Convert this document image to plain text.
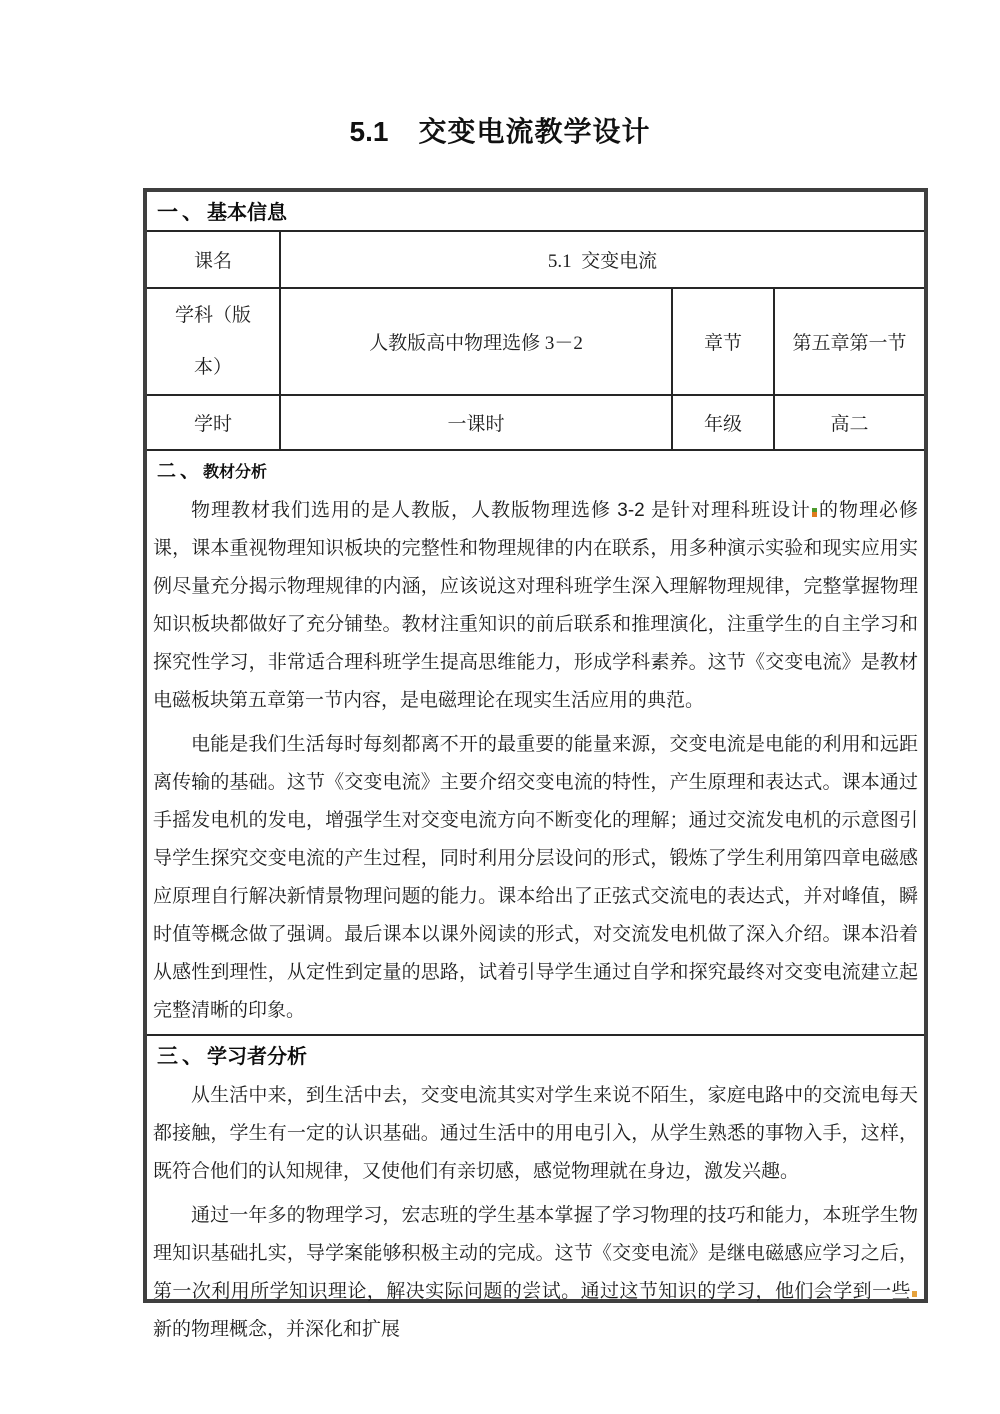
5.1 交变电流教学设计
一、基本信息			
课名	5.1  交变电流		

学科（版本）	人教版高中物理选修 3－2	章节	第五章第一节
学时	一课时	年级	高二

二、教材分析

物理教材我们选用的是人教版，人教版物理选修 3-2 是针对理科班设计 的物理必修课，课本重视物理知识板块的完整性和物理规律的内在联系，用多种演示实验和现实应用实例尽量充分揭示物理规律的内涵，应该说这对理科班学生深入理解物理规律，完整掌握物理知识板块都做好了充分铺垫。教材注重知识的前后联系和推理演化，注重学生的自主学习和探究性学习，非常适合理科班学生提高思维能力，形成学科素养。这节《交变电流》是教材电磁板块第五章第一节内容，是电磁理论在现实生活应用的典范。

电能是我们生活每时每刻都离不开的最重要的能量来源，交变电流是电能的利用和远距离传输的基础。这节《交变电流》主要介绍交变电流的特性，产生原理和表达式。课本通过手摇发电机的发电，增强学生对交变电流方向不断变化的理解；通过交流发电机的示意图引导学生探究交变电流的产生过程，同时利用分层设问的形式，锻炼了学生利用第四章电磁感应原理自行解决新情景物理问题的能力。课本给出了正弦式交流电的表达式，并对峰值，瞬时值等概念做了强调。最后课本以课外阅读的形式，对交流发电机做了深入介绍。课本沿着从感性到理性，从定性到定量的思路，试着引导学生通过自学和探究最终对交变电流建立起完整清晰的印象。			

三、学习者分析

从生活中来，到生活中去，交变电流其实对学生来说不陌生，家庭电路中的交流电每天都接触，学生有一定的认识基础。通过生活中的用电引入，从学生熟悉的事物入手，这样，既符合他们的认知规律，又使他们有亲切感，感觉物理就在身边，激发兴趣。

通过一年多的物理学习，宏志班的学生基本掌握了学习物理的技巧和能力，本班学生物理知识基础扎实，导学案能够积极主动的完成。这节《交变电流》是继电磁感应学习之后，第一次利用所学知识理论，解决实际问题的尝试。通过这节知识的学习，他们会学到一些新的物理概念，并深化和扩展			
